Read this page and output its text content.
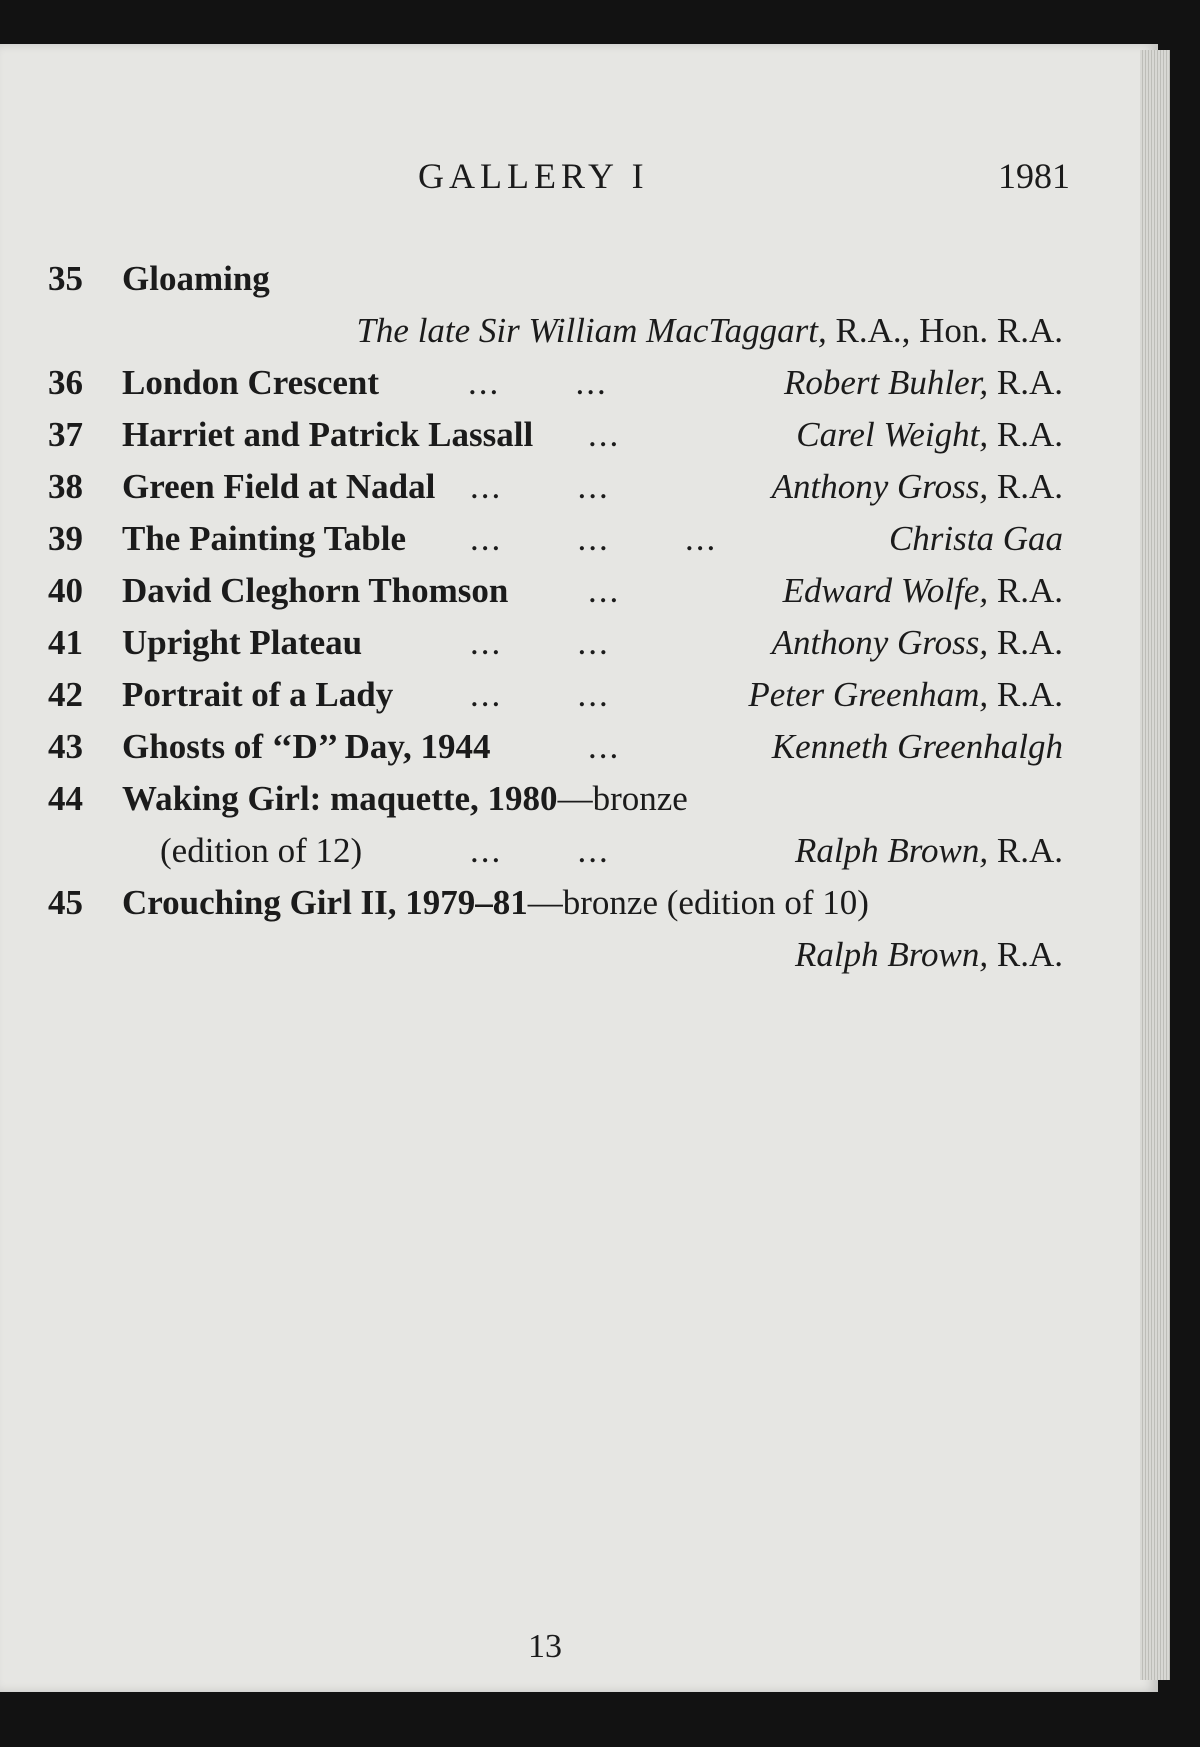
GALLERY I	1981
35 Gloaming
The late Sir William MacTaggart, R.A., Hon. R.A.
36 London Crescent	...       ...	Robert Buhler, R.A.
37 Harriet and Patrick Lassall ...	Carel Weight, R.A.
38 Green Field at Nadal ...       ...	Anthony Gross, R.A.
39 The Painting Table ...       ...       ...	Christa Gaa
40 David Cleghorn Thomson ...	Edward Wolfe, R.A.
41 Upright Plateau	...       ...	Anthony Gross, R.A.
42 Portrait of a Lady ...       ...	Peter Greenham, R.A.
43 Ghosts of ‘‘D’’ Day, 1944	...	Kenneth Greenhalgh
44 Waking Girl: maquette, 1980—bronze
(edition of 12)	...       ...	Ralph Brown, R.A.
45 Crouching Girl II, 1979–81—bronze (edition of 10)
Ralph Brown, R.A.
13
